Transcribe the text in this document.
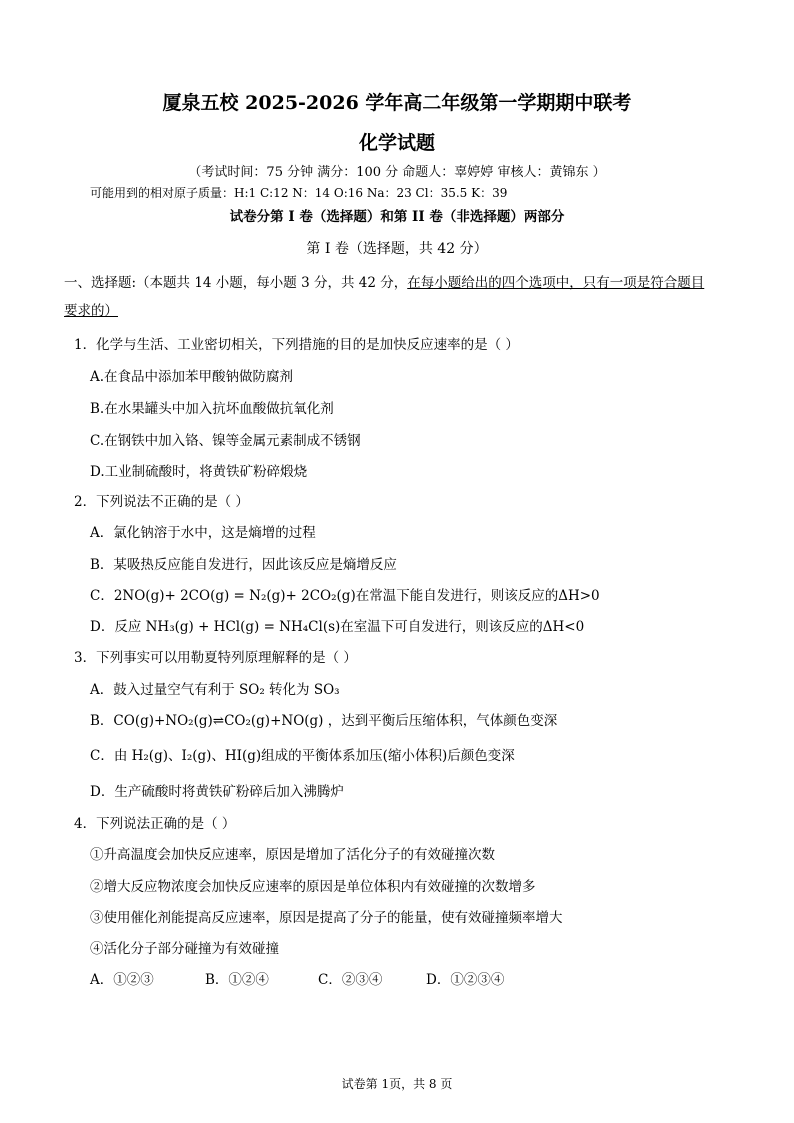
厦泉五校 2025-2026 学年高二年级第一学期期中联考
化学试题
（考试时间：75 分钟 满分：100 分 命题人：辜婷婷 审核人：黄锦东 ）
可能用到的相对原子质量：H:1 C:12 N：14 O:16 Na：23 Cl：35.5 K：39
试卷分第 I 卷（选择题）和第 II 卷（非选择题）两部分
第 I 卷（选择题，共 42 分）
一、选择题:（本题共 14 小题，每小题 3 分，共 42 分，在每小题给出的四个选项中，只有一项是符合题目
要求的）
1．化学与生活、工业密切相关，下列措施的目的是加快反应速率的是（ ）
A.在食品中添加苯甲酸钠做防腐剂
B.在水果罐头中加入抗坏血酸做抗氧化剂
C.在钢铁中加入铬、镍等金属元素制成不锈钢
D.工业制硫酸时，将黄铁矿粉碎煅烧
2．下列说法不正确的是（ ）
A．氯化钠溶于水中，这是熵增的过程
B．某吸热反应能自发进行，因此该反应是熵增反应
C．2NO(g)+ 2CO(g) = N₂(g)+ 2CO₂(g)在常温下能自发进行，则该反应的ΔH>0
D．反应 NH₃(g) + HCl(g) = NH₄Cl(s)在室温下可自发进行，则该反应的ΔH<0
3．下列事实可以用勒夏特列原理解释的是（ ）
A．鼓入过量空气有利于 SO₂ 转化为 SO₃
B．CO(g)+NO₂(g)⇌CO₂(g)+NO(g) ，达到平衡后压缩体积，气体颜色变深
C．由 H₂(g)、I₂(g)、HI(g)组成的平衡体系加压(缩小体积)后颜色变深
D．生产硫酸时将黄铁矿粉碎后加入沸腾炉
4．下列说法正确的是（ ）
①升高温度会加快反应速率，原因是增加了活化分子的有效碰撞次数
②增大反应物浓度会加快反应速率的原因是单位体积内有效碰撞的次数增多
③使用催化剂能提高反应速率，原因是提高了分子的能量，使有效碰撞频率增大
④活化分子部分碰撞为有效碰撞
A．①②③	B．①②④	C．②③④	D．①②③④
试卷第 1页，共 8 页
